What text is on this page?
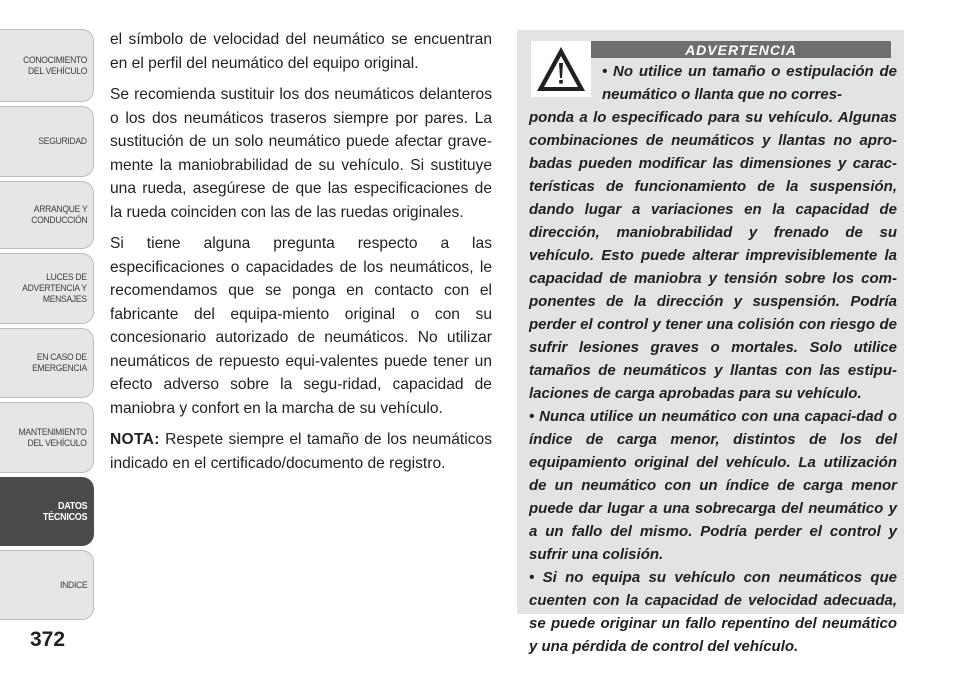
CONOCIMIENTO
DEL VEHÍCULO
SEGURIDAD
ARRANQUE Y
CONDUCCIÓN
LUCES DE
ADVERTENCIA Y
MENSAJES
EN CASO DE
EMERGENCIA
MANTENIMIENTO
DEL VEHÍCULO
DATOS
TÉCNICOS
INDICE
372

el símbolo de velocidad del neumático se encuentran en el perfil del neumático del equipo original.

Se recomienda sustituir los dos neumáticos delanteros o los dos neumáticos traseros siempre por pares. La sustitución de un solo neumático puede afectar grave-mente la maniobrabilidad de su vehículo. Si sustituye una rueda, asegúrese de que las especificaciones de la rueda coinciden con las de las ruedas originales.

Si tiene alguna pregunta respecto a las especificaciones o capacidades de los neumáticos, le recomendamos que se ponga en contacto con el fabricante del equipa-miento original o con su concesionario autorizado de neumáticos. No utilizar neumáticos de repuesto equi-valentes puede tener un efecto adverso sobre la segu-ridad, capacidad de maniobra y confort en la marcha de su vehículo.

NOTA: Respete siempre el tamaño de los neumáticos indicado en el certificado/documento de registro.

ADVERTENCIA

• No utilice un tamaño o estipulación de neumático o llanta que no corres-
ponda a lo especificado para su vehículo. Algunas combinaciones de neumáticos y llantas no apro-badas pueden modificar las dimensiones y carac-terísticas de funcionamiento de la suspensión, dando lugar a variaciones en la capacidad de dirección, maniobrabilidad y frenado de su vehículo. Esto puede alterar imprevisiblemente la capacidad de maniobra y tensión sobre los com-ponentes de la dirección y suspensión. Podría perder el control y tener una colisión con riesgo de sufrir lesiones graves o mortales. Solo utilice tamaños de neumáticos y llantas con las estipu-laciones de carga aprobadas para su vehículo.

• Nunca utilice un neumático con una capaci-dad o índice de carga menor, distintos de los del equipamiento original del vehículo. La utilización de un neumático con un índice de carga menor puede dar lugar a una sobrecarga del neumático y a un fallo del mismo. Podría perder el control y sufrir una colisión.

• Si no equipa su vehículo con neumáticos que cuenten con la capacidad de velocidad adecuada, se puede originar un fallo repentino del neumático y una pérdida de control del vehículo.
